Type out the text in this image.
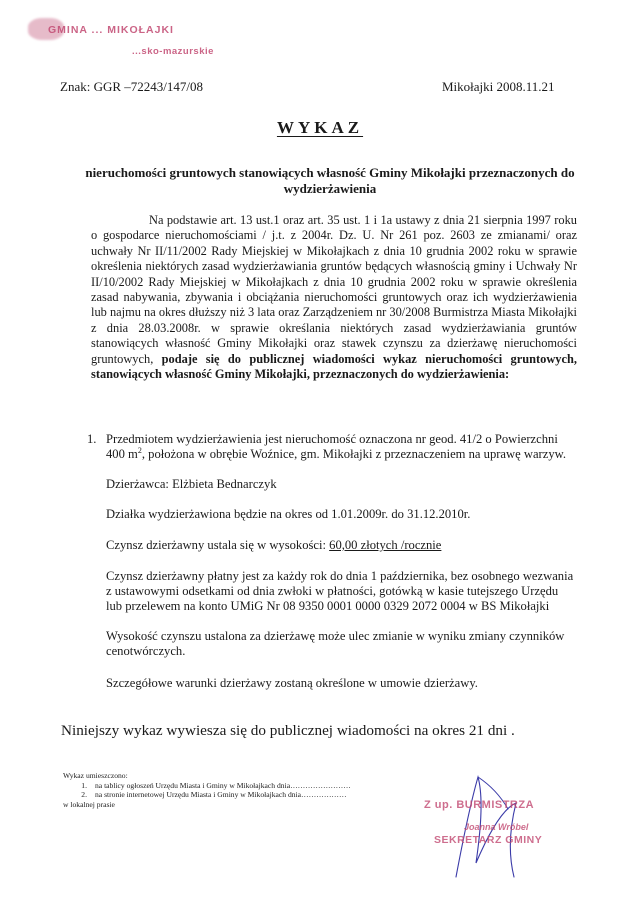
GMINA ... MIKOŁAJKI
...sko-mazurskie
Znak: GGR –72243/147/08	Mikołajki 2008.11.21
WYKAZ
nieruchomości gruntowych stanowiących własność Gminy Mikołajki przeznaczonych do wydzierżawienia
Na podstawie art. 13 ust.1 oraz art. 35 ust. 1 i 1a ustawy z dnia 21 sierpnia 1997 roku o gospodarce nieruchomościami / j.t. z 2004r. Dz. U. Nr 261 poz. 2603 ze zmianami/ oraz uchwały Nr II/11/2002 Rady Miejskiej w Mikołajkach z dnia 10 grudnia 2002 roku w sprawie określenia niektórych zasad wydzierżawiania gruntów będących własnością gminy i Uchwały Nr II/10/2002 Rady Miejskiej w Mikołajkach z dnia 10 grudnia 2002 roku w sprawie określenia zasad nabywania, zbywania i obciążania nieruchomości gruntowych oraz ich wydzierżawienia lub najmu na okres dłuższy niż 3 lata oraz Zarządzeniem nr 30/2008 Burmistrza Miasta Mikołajki z dnia 28.03.2008r. w sprawie określania niektórych zasad wydzierżawiania gruntów stanowiących własność Gminy Mikołajki oraz stawek czynszu za dzierżawę nieruchomości gruntowych, podaje się do publicznej wiadomości wykaz nieruchomości gruntowych, stanowiących własność Gminy Mikołajki, przeznaczonych do wydzierżawienia:
1. Przedmiotem wydzierżawienia jest nieruchomość oznaczona nr geod. 41/2 o Powierzchni 400 $m^2$, położona w obrębie Woźnice, gm. Mikołajki z przeznaczeniem na uprawę warzyw.
Dzierżawca: Elżbieta Bednarczyk
Działka wydzierżawiona będzie na okres od 1.01.2009r. do 31.12.2010r.
Czynsz dzierżawny ustala się w wysokości: 60,00 złotych /rocznie
Czynsz dzierżawny płatny jest za każdy rok do dnia 1 października, bez osobnego wezwania z ustawowymi odsetkami od dnia zwłoki w płatności, gotówką w kasie tutejszego Urzędu lub przelewem na konto UMiG Nr 08 9350 0001 0000 0329 2072 0004 w BS Mikołajki
Wysokość czynszu ustalona za dzierżawę może ulec zmianie w wyniku zmiany czynników cenotwórczych.
Szczegółowe warunki dzierżawy zostaną określone w umowie dzierżawy.
Niniejszy wykaz wywiesza się do publicznej wiadomości na okres 21 dni .
Wykaz umieszczono:
1. na tablicy ogłoszeń Urzędu Miasta i Gminy w Mikołajkach dnia……………………
2. na stronie internetowej Urzędu Miasta i Gminy w Mikołajkach dnia………………
w lokalnej prasie	Z up. BURMISTRZA
Joanna Wróbel
SEKRETARZ GMINY
